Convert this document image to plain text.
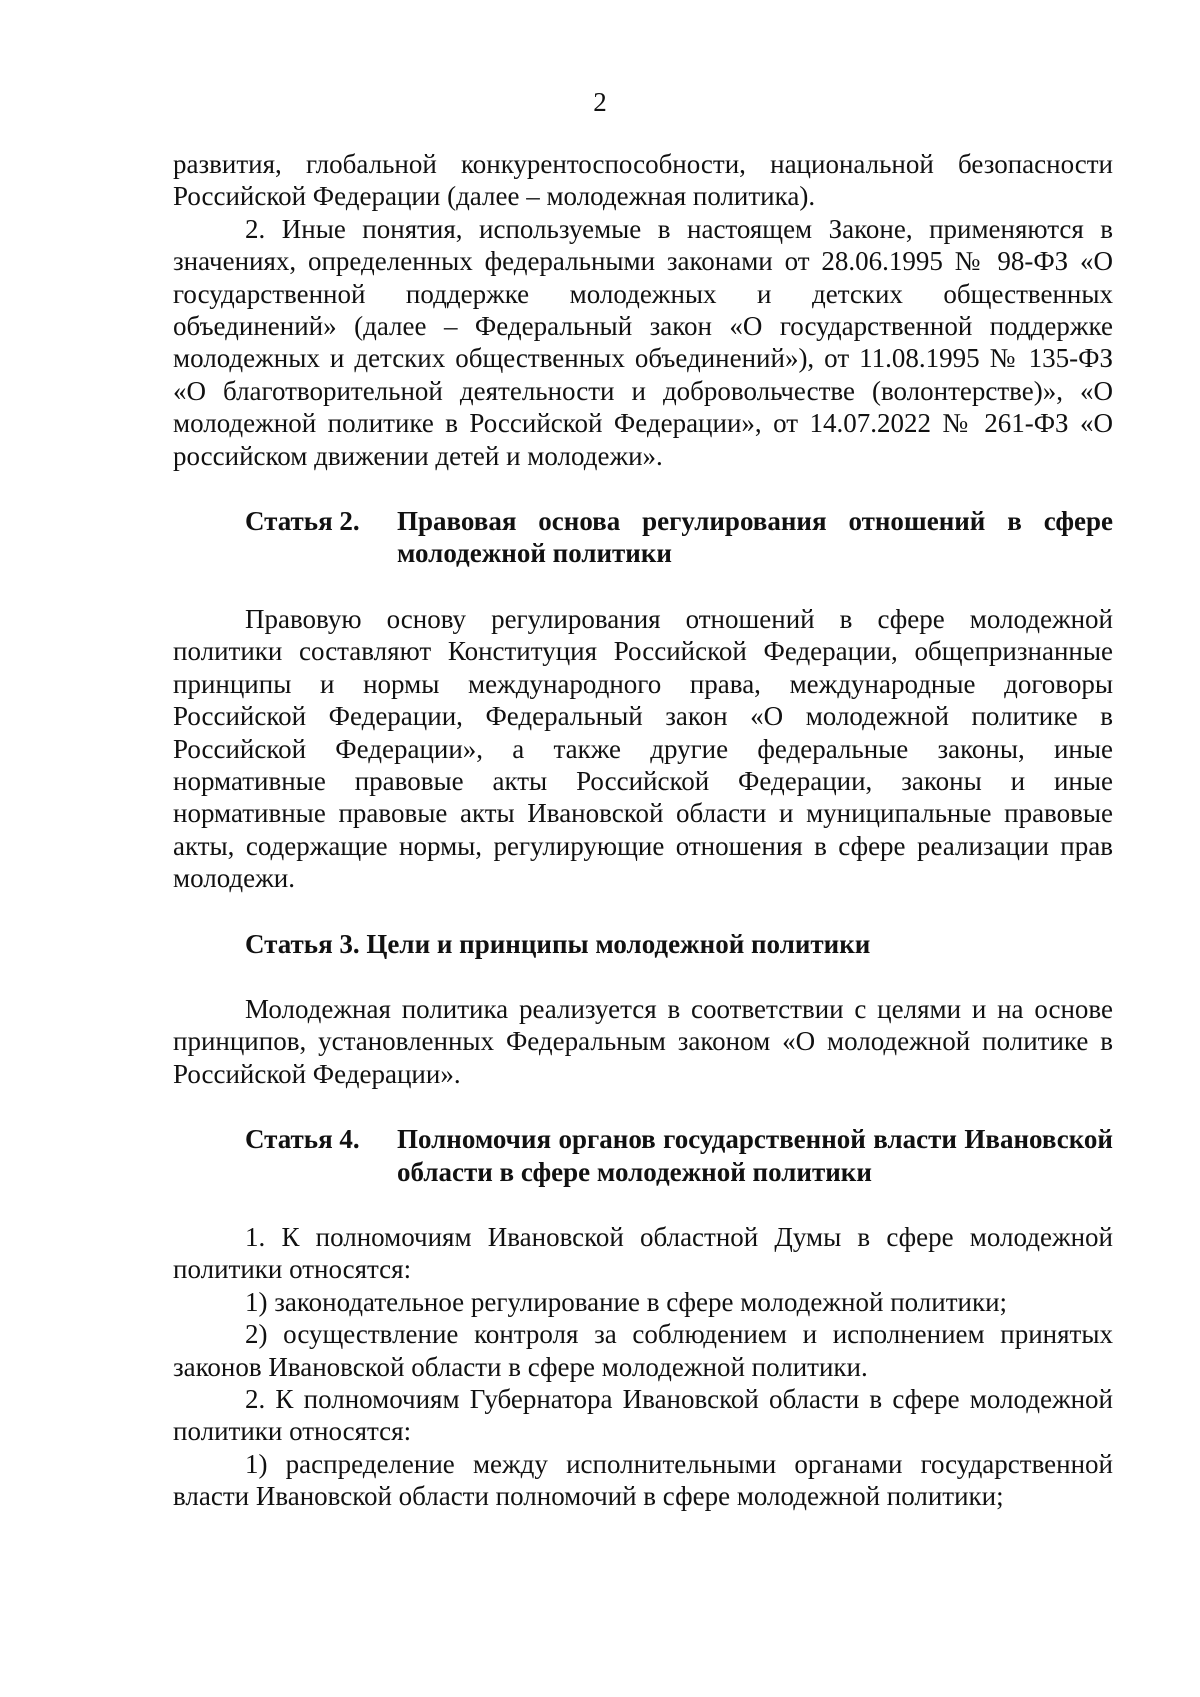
2

развития, глобальной конкурентоспособности, национальной безопасности Российской Федерации (далее – молодежная политика).

2. Иные понятия, используемые в настоящем Законе, применяются в значениях, определенных федеральными законами от 28.06.1995 № 98-ФЗ «О государственной поддержке молодежных и детских общественных объединений» (далее – Федеральный закон «О государственной поддержке молодежных и детских общественных объединений»), от 11.08.1995 № 135-ФЗ «О благотворительной деятельности и добровольчестве (волонтерстве)», «О молодежной политике в Российской Федерации», от 14.07.2022 № 261-ФЗ «О российском движении детей и молодежи».

Статья 2.	Правовая основа регулирования отношений в сфере молодежной политики

Правовую основу регулирования отношений в сфере молодежной политики составляют Конституция Российской Федерации, общепризнанные принципы и нормы международного права, международные договоры Российской Федерации, Федеральный закон «О молодежной политике в Российской Федерации», а также другие федеральные законы, иные нормативные правовые акты Российской Федерации, законы и иные нормативные правовые акты Ивановской области и муниципальные правовые акты, содержащие нормы, регулирующие отношения в сфере реализации прав молодежи.

Статья 3. Цели и принципы молодежной политики

Молодежная политика реализуется в соответствии с целями и на основе принципов, установленных Федеральным законом «О молодежной политике в Российской Федерации».

Статья 4.	Полномочия органов государственной власти Ивановской области в сфере молодежной политики

1. К полномочиям Ивановской областной Думы в сфере молодежной политики относятся:

1) законодательное регулирование в сфере молодежной политики;

2) осуществление контроля за соблюдением и исполнением принятых законов Ивановской области в сфере молодежной политики.

2. К полномочиям Губернатора Ивановской области в сфере молодежной политики относятся:

1) распределение между исполнительными органами государственной власти Ивановской области полномочий в сфере молодежной политики;
